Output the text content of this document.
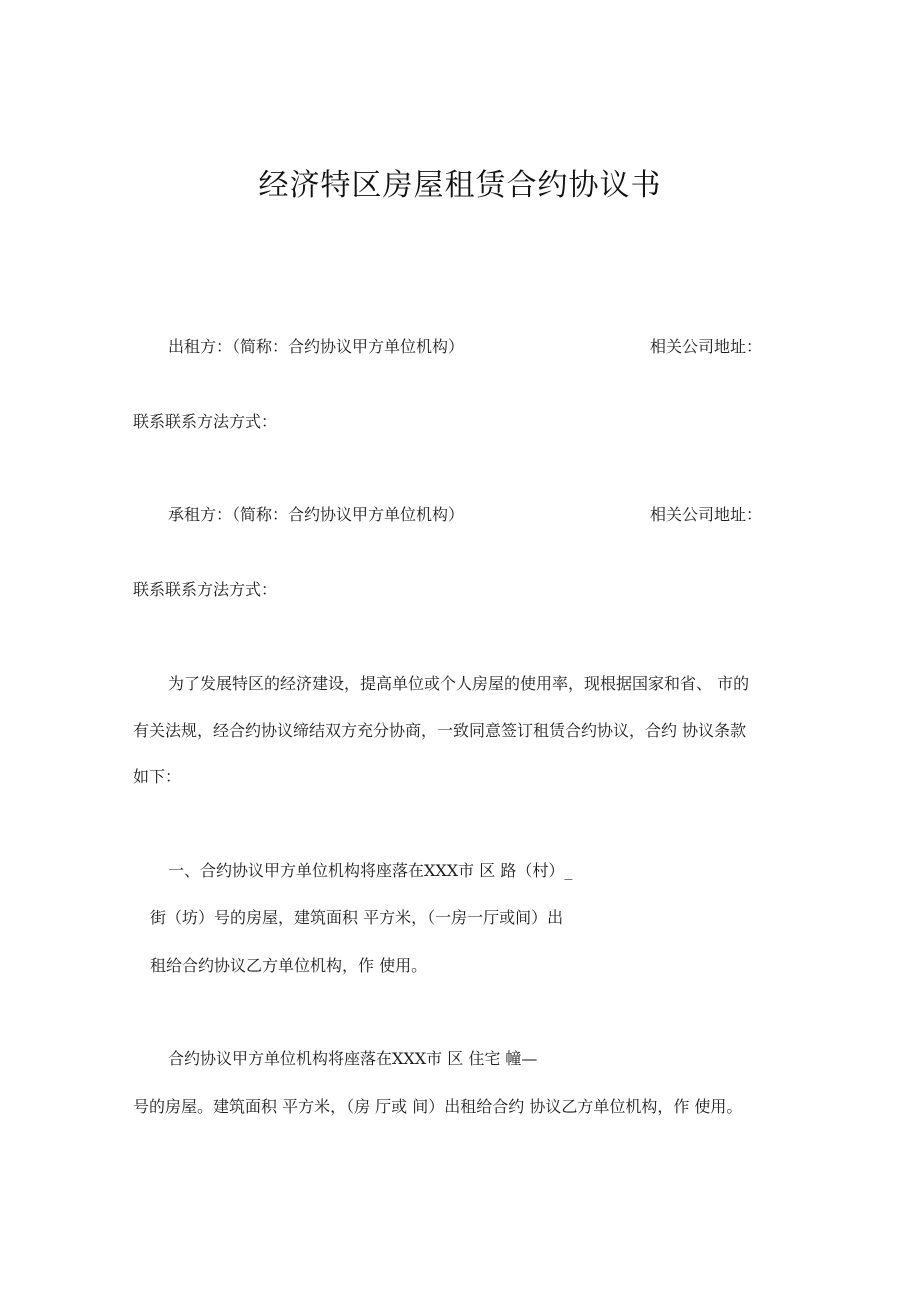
经济特区房屋租赁合约协议书
出租方：（简称：合约协议甲方单位机构）	相关公司地址：
联系联系方法方式：
承租方：（简称：合约协议甲方单位机构）	相关公司地址：
联系联系方法方式：
为了发展特区的经济建设，提高单位或个人房屋的使用率，现根据国家和省、 市的
有关法规，经合约协议缔结双方充分协商，一致同意签订租赁合约协议，合约 协议条款
如下：
一、合约协议甲方单位机构将座落在XXX市 区 路（村）_
街（坊）号的房屋，建筑面积 平方米，（一房一厅或间）出
租给合约协议乙方单位机构，作 使用。
合约协议甲方单位机构将座落在XXX市 区 住宅 幢—
号的房屋。建筑面积 平方米，（房 厅或 间）出租给合约 协议乙方单位机构，作 使用。
